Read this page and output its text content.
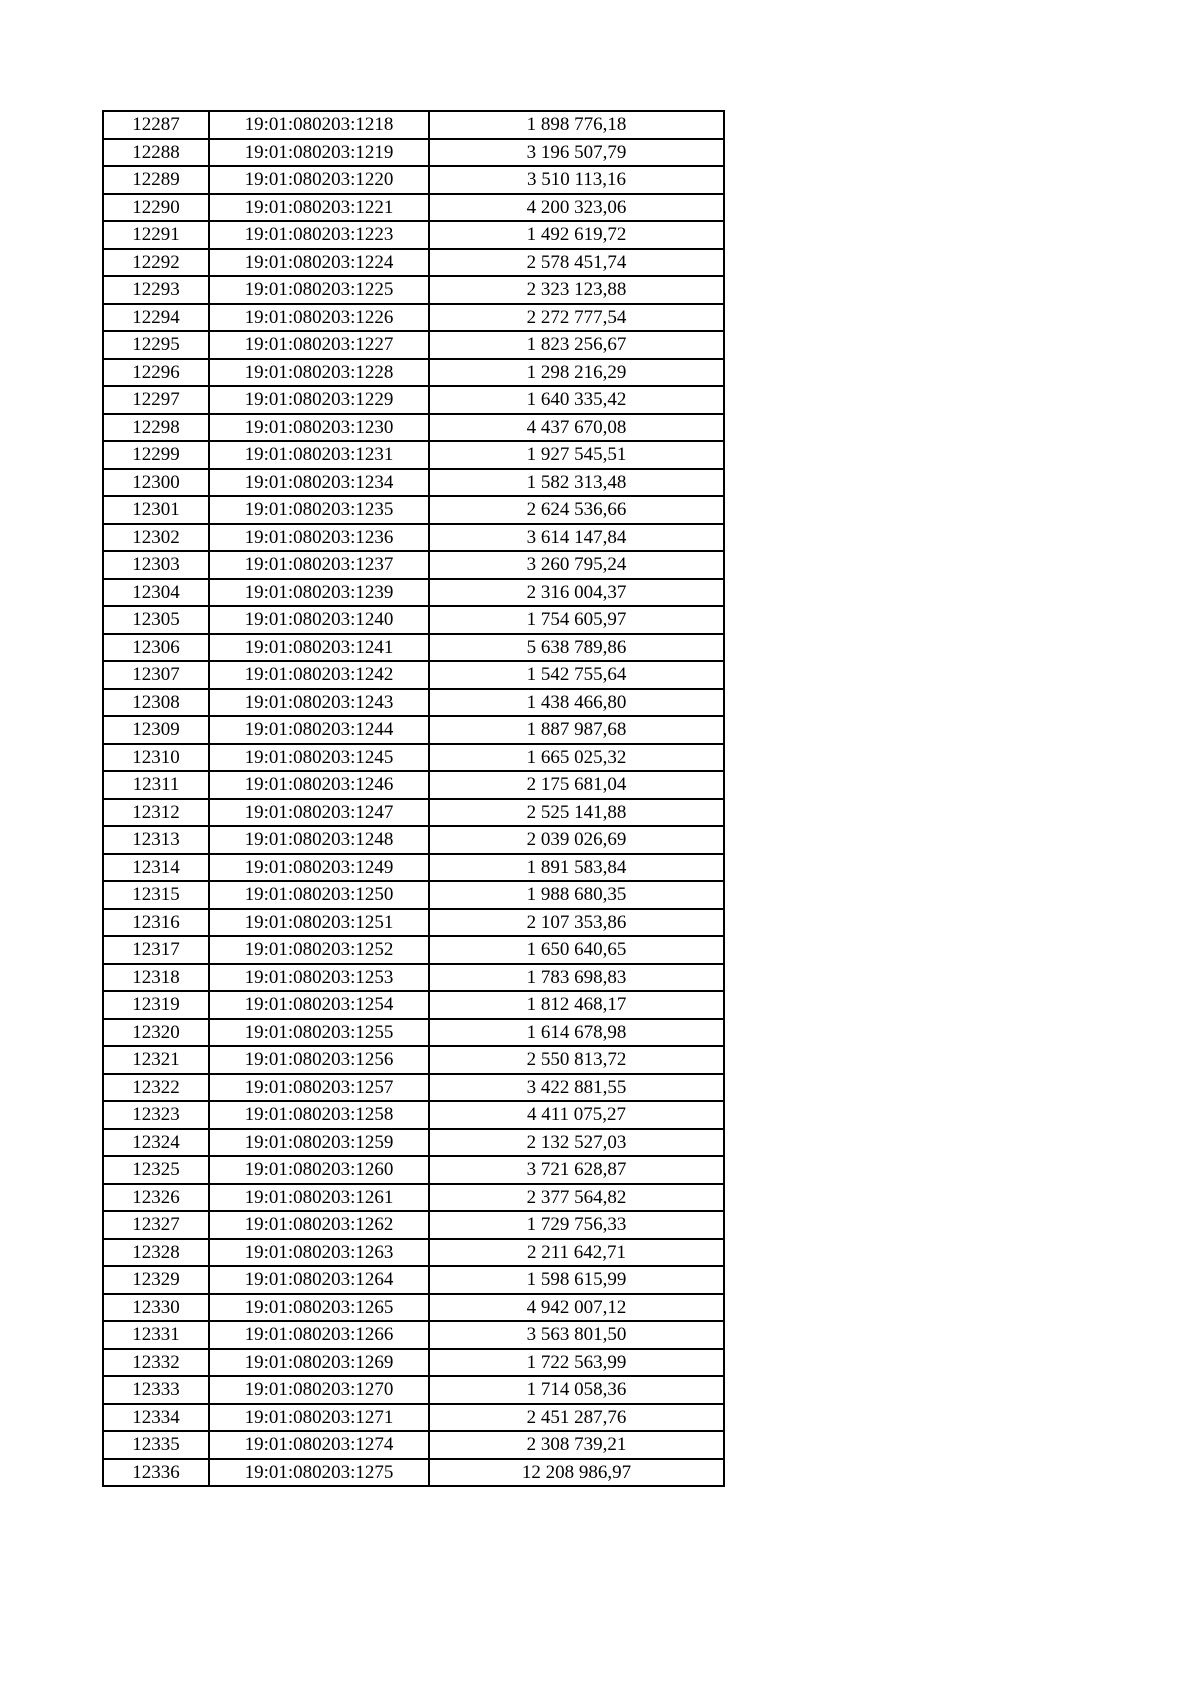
12287	19:01:080203:1218	1 898 776,18
12288	19:01:080203:1219	3 196 507,79
12289	19:01:080203:1220	3 510 113,16
12290	19:01:080203:1221	4 200 323,06
12291	19:01:080203:1223	1 492 619,72
12292	19:01:080203:1224	2 578 451,74
12293	19:01:080203:1225	2 323 123,88
12294	19:01:080203:1226	2 272 777,54
12295	19:01:080203:1227	1 823 256,67
12296	19:01:080203:1228	1 298 216,29
12297	19:01:080203:1229	1 640 335,42
12298	19:01:080203:1230	4 437 670,08
12299	19:01:080203:1231	1 927 545,51
12300	19:01:080203:1234	1 582 313,48
12301	19:01:080203:1235	2 624 536,66
12302	19:01:080203:1236	3 614 147,84
12303	19:01:080203:1237	3 260 795,24
12304	19:01:080203:1239	2 316 004,37
12305	19:01:080203:1240	1 754 605,97
12306	19:01:080203:1241	5 638 789,86
12307	19:01:080203:1242	1 542 755,64
12308	19:01:080203:1243	1 438 466,80
12309	19:01:080203:1244	1 887 987,68
12310	19:01:080203:1245	1 665 025,32
12311	19:01:080203:1246	2 175 681,04
12312	19:01:080203:1247	2 525 141,88
12313	19:01:080203:1248	2 039 026,69
12314	19:01:080203:1249	1 891 583,84
12315	19:01:080203:1250	1 988 680,35
12316	19:01:080203:1251	2 107 353,86
12317	19:01:080203:1252	1 650 640,65
12318	19:01:080203:1253	1 783 698,83
12319	19:01:080203:1254	1 812 468,17
12320	19:01:080203:1255	1 614 678,98
12321	19:01:080203:1256	2 550 813,72
12322	19:01:080203:1257	3 422 881,55
12323	19:01:080203:1258	4 411 075,27
12324	19:01:080203:1259	2 132 527,03
12325	19:01:080203:1260	3 721 628,87
12326	19:01:080203:1261	2 377 564,82
12327	19:01:080203:1262	1 729 756,33
12328	19:01:080203:1263	2 211 642,71
12329	19:01:080203:1264	1 598 615,99
12330	19:01:080203:1265	4 942 007,12
12331	19:01:080203:1266	3 563 801,50
12332	19:01:080203:1269	1 722 563,99
12333	19:01:080203:1270	1 714 058,36
12334	19:01:080203:1271	2 451 287,76
12335	19:01:080203:1274	2 308 739,21
12336	19:01:080203:1275	12 208 986,97
